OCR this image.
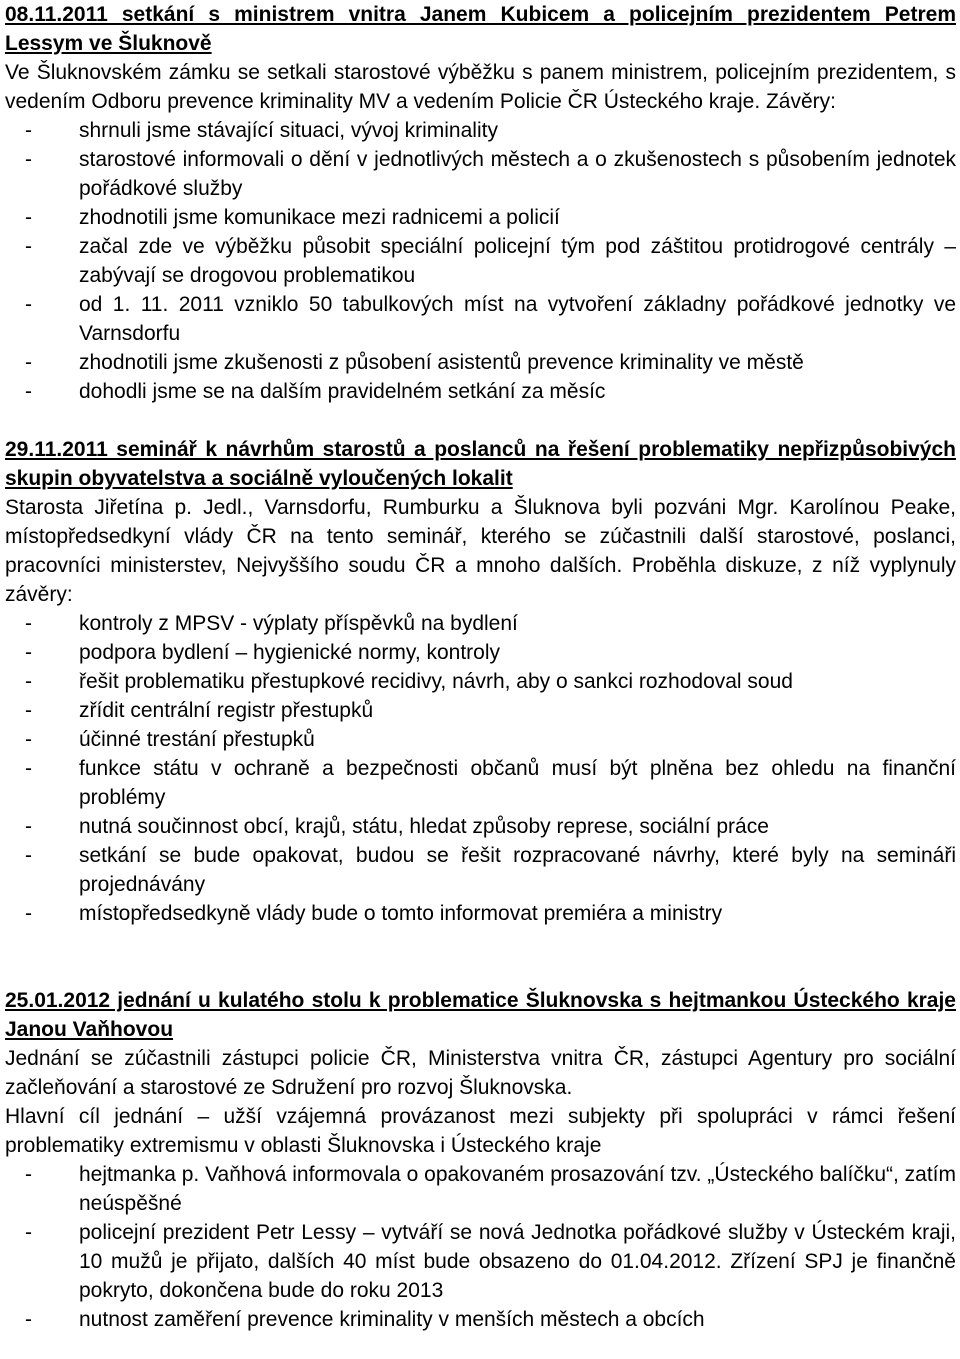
08.11.2011 setkání s ministrem vnitra Janem Kubicem a policejním prezidentem Petrem Lessym ve Šluknově

Ve Šluknovském zámku se setkali starostové výběžku s panem ministrem, policejním prezidentem, s vedením Odboru prevence kriminality MV a vedením Policie ČR Ústeckého kraje. Závěry:

- shrnuli jsme stávající situaci, vývoj kriminality
- starostové informovali o dění v jednotlivých městech a o zkušenostech s působením jednotek pořádkové služby
- zhodnotili jsme komunikace mezi radnicemi a policií
- začal zde ve výběžku působit speciální policejní tým pod záštitou protidrogové centrály – zabývají se drogovou problematikou
- od 1. 11. 2011 vzniklo 50 tabulkových míst na vytvoření základny pořádkové jednotky ve Varnsdorfu
- zhodnotili jsme zkušenosti z působení asistentů prevence kriminality ve městě
- dohodli jsme se na dalším pravidelném setkání za měsíc

29.11.2011 seminář k návrhům starostů a poslanců na řešení problematiky nepřizpůsobivých skupin obyvatelstva a sociálně vyloučených lokalit

Starosta Jiřetína p. Jedl., Varnsdorfu, Rumburku a Šluknova byli pozváni Mgr. Karolínou Peake, místopředsedkyní vlády ČR na tento seminář, kterého se zúčastnili další starostové, poslanci, pracovníci ministerstev, Nejvyššího soudu ČR a mnoho dalších. Proběhla diskuze, z níž vyplynuly závěry:

- kontroly z MPSV - výplaty příspěvků na bydlení
- podpora bydlení – hygienické normy, kontroly
- řešit problematiku přestupkové recidivy, návrh, aby o sankci rozhodoval soud
- zřídit centrální registr přestupků
- účinné trestání přestupků
- funkce státu v ochraně a bezpečnosti občanů musí být plněna bez ohledu na finanční problémy
- nutná součinnost obcí, krajů, státu, hledat způsoby represe, sociální práce
- setkání se bude opakovat, budou se řešit rozpracované návrhy, které byly na semináři projednávány
- místopředsedkyně vlády bude o tomto informovat premiéra a ministry

25.01.2012 jednání u kulatého stolu k problematice Šluknovska s hejtmankou Ústeckého kraje Janou Vaňhovou

Jednání se zúčastnili zástupci policie ČR, Ministerstva vnitra ČR, zástupci Agentury pro sociální začleňování a starostové ze Sdružení pro rozvoj Šluknovska.

Hlavní cíl jednání – užší vzájemná provázanost mezi subjekty při spolupráci v rámci řešení problematiky extremismu v oblasti Šluknovska i Ústeckého kraje

- hejtmanka p. Vaňhová informovala o opakovaném prosazování tzv. „Ústeckého balíčku“, zatím neúspěšné
- policejní prezident Petr Lessy – vytváří se nová Jednotka pořádkové služby v Ústeckém kraji, 10 mužů je přijato, dalších 40 míst bude obsazeno do 01.04.2012. Zřízení SPJ je finančně pokryto, dokončena bude do roku 2013
- nutnost zaměření prevence kriminality v menších městech a obcích
